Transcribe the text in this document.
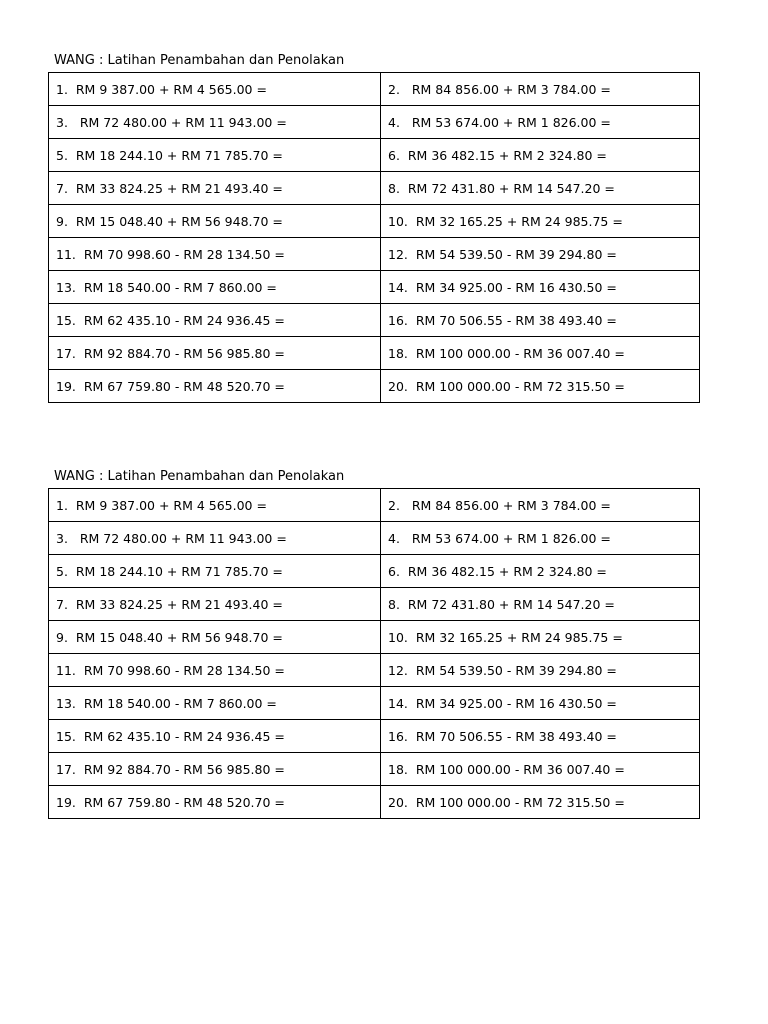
WANG : Latihan Penambahan dan Penolakan
1.  RM 9 387.00 + RM 4 565.00 =	2.   RM 84 856.00 + RM 3 784.00 =
3.   RM 72 480.00 + RM 11 943.00 =	4.   RM 53 674.00 + RM 1 826.00 =
5.  RM 18 244.10 + RM 71 785.70 =	6.  RM 36 482.15 + RM 2 324.80 =
7.  RM 33 824.25 + RM 21 493.40 =	8.  RM 72 431.80 + RM 14 547.20 =
9.  RM 15 048.40 + RM 56 948.70 =	10.  RM 32 165.25 + RM 24 985.75 =
11.  RM 70 998.60 - RM 28 134.50 =	12.  RM 54 539.50 - RM 39 294.80 =
13.  RM 18 540.00 - RM 7 860.00 =	14.  RM 34 925.00 - RM 16 430.50 =
15.  RM 62 435.10 - RM 24 936.45 =	16.  RM 70 506.55 - RM 38 493.40 =
17.  RM 92 884.70 - RM 56 985.80 =	18.  RM 100 000.00 - RM 36 007.40 =
19.  RM 67 759.80 - RM 48 520.70 =	20.  RM 100 000.00 - RM 72 315.50 =
WANG : Latihan Penambahan dan Penolakan
1.  RM 9 387.00 + RM 4 565.00 =	2.   RM 84 856.00 + RM 3 784.00 =
3.   RM 72 480.00 + RM 11 943.00 =	4.   RM 53 674.00 + RM 1 826.00 =
5.  RM 18 244.10 + RM 71 785.70 =	6.  RM 36 482.15 + RM 2 324.80 =
7.  RM 33 824.25 + RM 21 493.40 =	8.  RM 72 431.80 + RM 14 547.20 =
9.  RM 15 048.40 + RM 56 948.70 =	10.  RM 32 165.25 + RM 24 985.75 =
11.  RM 70 998.60 - RM 28 134.50 =	12.  RM 54 539.50 - RM 39 294.80 =
13.  RM 18 540.00 - RM 7 860.00 =	14.  RM 34 925.00 - RM 16 430.50 =
15.  RM 62 435.10 - RM 24 936.45 =	16.  RM 70 506.55 - RM 38 493.40 =
17.  RM 92 884.70 - RM 56 985.80 =	18.  RM 100 000.00 - RM 36 007.40 =
19.  RM 67 759.80 - RM 48 520.70 =	20.  RM 100 000.00 - RM 72 315.50 =
